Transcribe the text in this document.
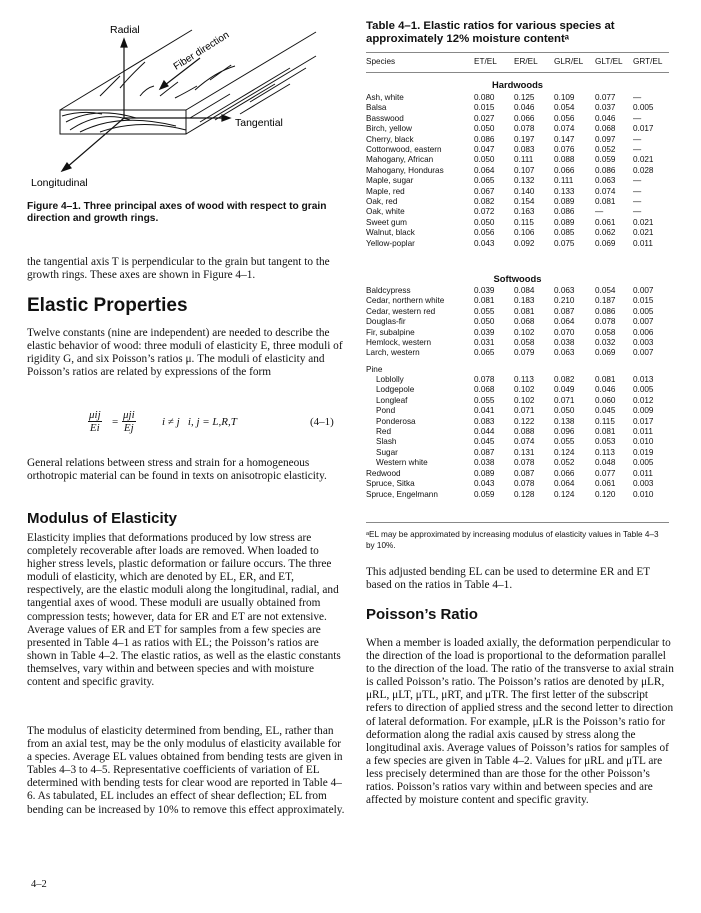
Radial	Fiber direction
Tangential
Longitudinal
Figure 4–1. Three principal axes of wood with respect to grain direction and growth rings.

the tangential axis T is perpendicular to the grain but tangent to the growth rings. These axes are shown in Figure 4–1.

Elastic Properties

Twelve constants (nine are independent) are needed to describe the elastic behavior of wood: three moduli of elasticity E, three moduli of rigidity G, and six Poisson’s ratios μ. The moduli of elasticity and Poisson’s ratios are related by expressions of the form

μij
Ei =
μji
Ej	i ≠ j   i, j = L,R,T	(4–1)

General relations between stress and strain for a homogeneous orthotropic material can be found in texts on anisotropic elasticity.

Modulus of Elasticity

Elasticity implies that deformations produced by low stress are completely recoverable after loads are removed. When loaded to higher stress levels, plastic deformation or failure occurs. The three moduli of elasticity, which are denoted by EL, ER, and ET, respectively, are the elastic moduli along the longitudinal, radial, and tangential axes of wood. These moduli are usually obtained from compression tests; however, data for ER and ET are not extensive. Average values of ER and ET for samples from a few species are presented in Table 4–1 as ratios with EL; the Poisson’s ratios are shown in Table 4–2. The elastic ratios, as well as the elastic constants themselves, vary within and between species and with moisture content and specific gravity.

The modulus of elasticity determined from bending, EL, rather than from an axial test, may be the only modulus of elasticity available for a species. Average EL values obtained from bending tests are given in Tables 4–3 to 4–5. Representative coefficients of variation of EL determined with bending tests for clear wood are reported in Table 4–6. As tabulated, EL includes an effect of shear deflection; EL from bending can be increased by 10% to remove this effect approximately.

4–2
Table 4–1. Elastic ratios for various species at approximately 12% moisture contentᵃ
Species	ET/EL ER/EL GLR/EL GLT/EL GRT/EL
Hardwoods
Ash, white	0.080 0.125 0.109	0.077 —
Balsa	0.015 0.046 0.054	0.037 0.005
Basswood	0.027 0.066 0.056	0.046 —
Birch, yellow	0.050 0.078 0.074	0.068 0.017
Cherry, black	0.086 0.197 0.147	0.097 —
Cottonwood, eastern	0.047 0.083 0.076	0.052 —
Mahogany, African	0.050 0.111	0.088	0.059 0.021
Mahogany, Honduras	0.064 0.107 0.066	0.086 0.028
Maple, sugar	0.065 0.132 0.111	0.063 —
Maple, red	0.067 0.140 0.133	0.074 —
Oak, red	0.082 0.154 0.089	0.081 —
Oak, white	0.072 0.163 0.086	—	—
Sweet gum	0.050 0.115 0.089	0.061 0.021
Walnut, black	0.056 0.106 0.085	0.062 0.021
Yellow-poplar	0.043 0.092 0.075	0.069 0.011
Softwoods
Baldcypress	0.039 0.084 0.063	0.054 0.007
Cedar, northern white	0.081 0.183 0.210	0.187 0.015
Cedar, western red	0.055 0.081 0.087	0.086 0.005
Douglas-fir	0.050 0.068 0.064	0.078 0.007
Fir, subalpine	0.039 0.102 0.070	0.058 0.006
Hemlock, western	0.031 0.058 0.038	0.032 0.003
Larch, western	0.065 0.079 0.063	0.069 0.007
Pine
Loblolly	0.078 0.113 0.082	0.081 0.013
Lodgepole	0.068 0.102 0.049	0.046 0.005
Longleaf	0.055 0.102 0.071	0.060 0.012
Pond	0.041 0.071 0.050	0.045 0.009
Ponderosa	0.083 0.122 0.138	0.115 0.017
Red	0.044 0.088 0.096	0.081 0.011
Slash	0.045 0.074 0.055	0.053 0.010
Sugar	0.087 0.131 0.124	0.113 0.019
Western white	0.038 0.078 0.052	0.048 0.005
Redwood	0.089 0.087 0.066	0.077 0.011
Spruce, Sitka	0.043 0.078 0.064	0.061 0.003
Spruce, Engelmann	0.059 0.128 0.124	0.120 0.010
ᵃEL may be approximated by increasing modulus of elasticity values in Table 4–3 by 10%.

This adjusted bending EL can be used to determine ER and ET based on the ratios in Table 4–1.

Poisson’s Ratio

When a member is loaded axially, the deformation perpendicular to the direction of the load is proportional to the deformation parallel to the direction of the load. The ratio of the transverse to axial strain is called Poisson’s ratio. The Poisson’s ratios are denoted by μLR, μRL, μLT, μTL, μRT, and μTR. The first letter of the subscript refers to direction of applied stress and the second letter to direction of lateral deformation. For example, μLR is the Poisson’s ratio for deformation along the radial axis caused by stress along the longitudinal axis. Average values of Poisson’s ratios for samples of a few species are given in Table 4–2. Values for μRL and μTL are less precisely determined than are those for the other Poisson’s ratios. Poisson’s ratios vary within and between species and are affected by moisture content and specific gravity.
